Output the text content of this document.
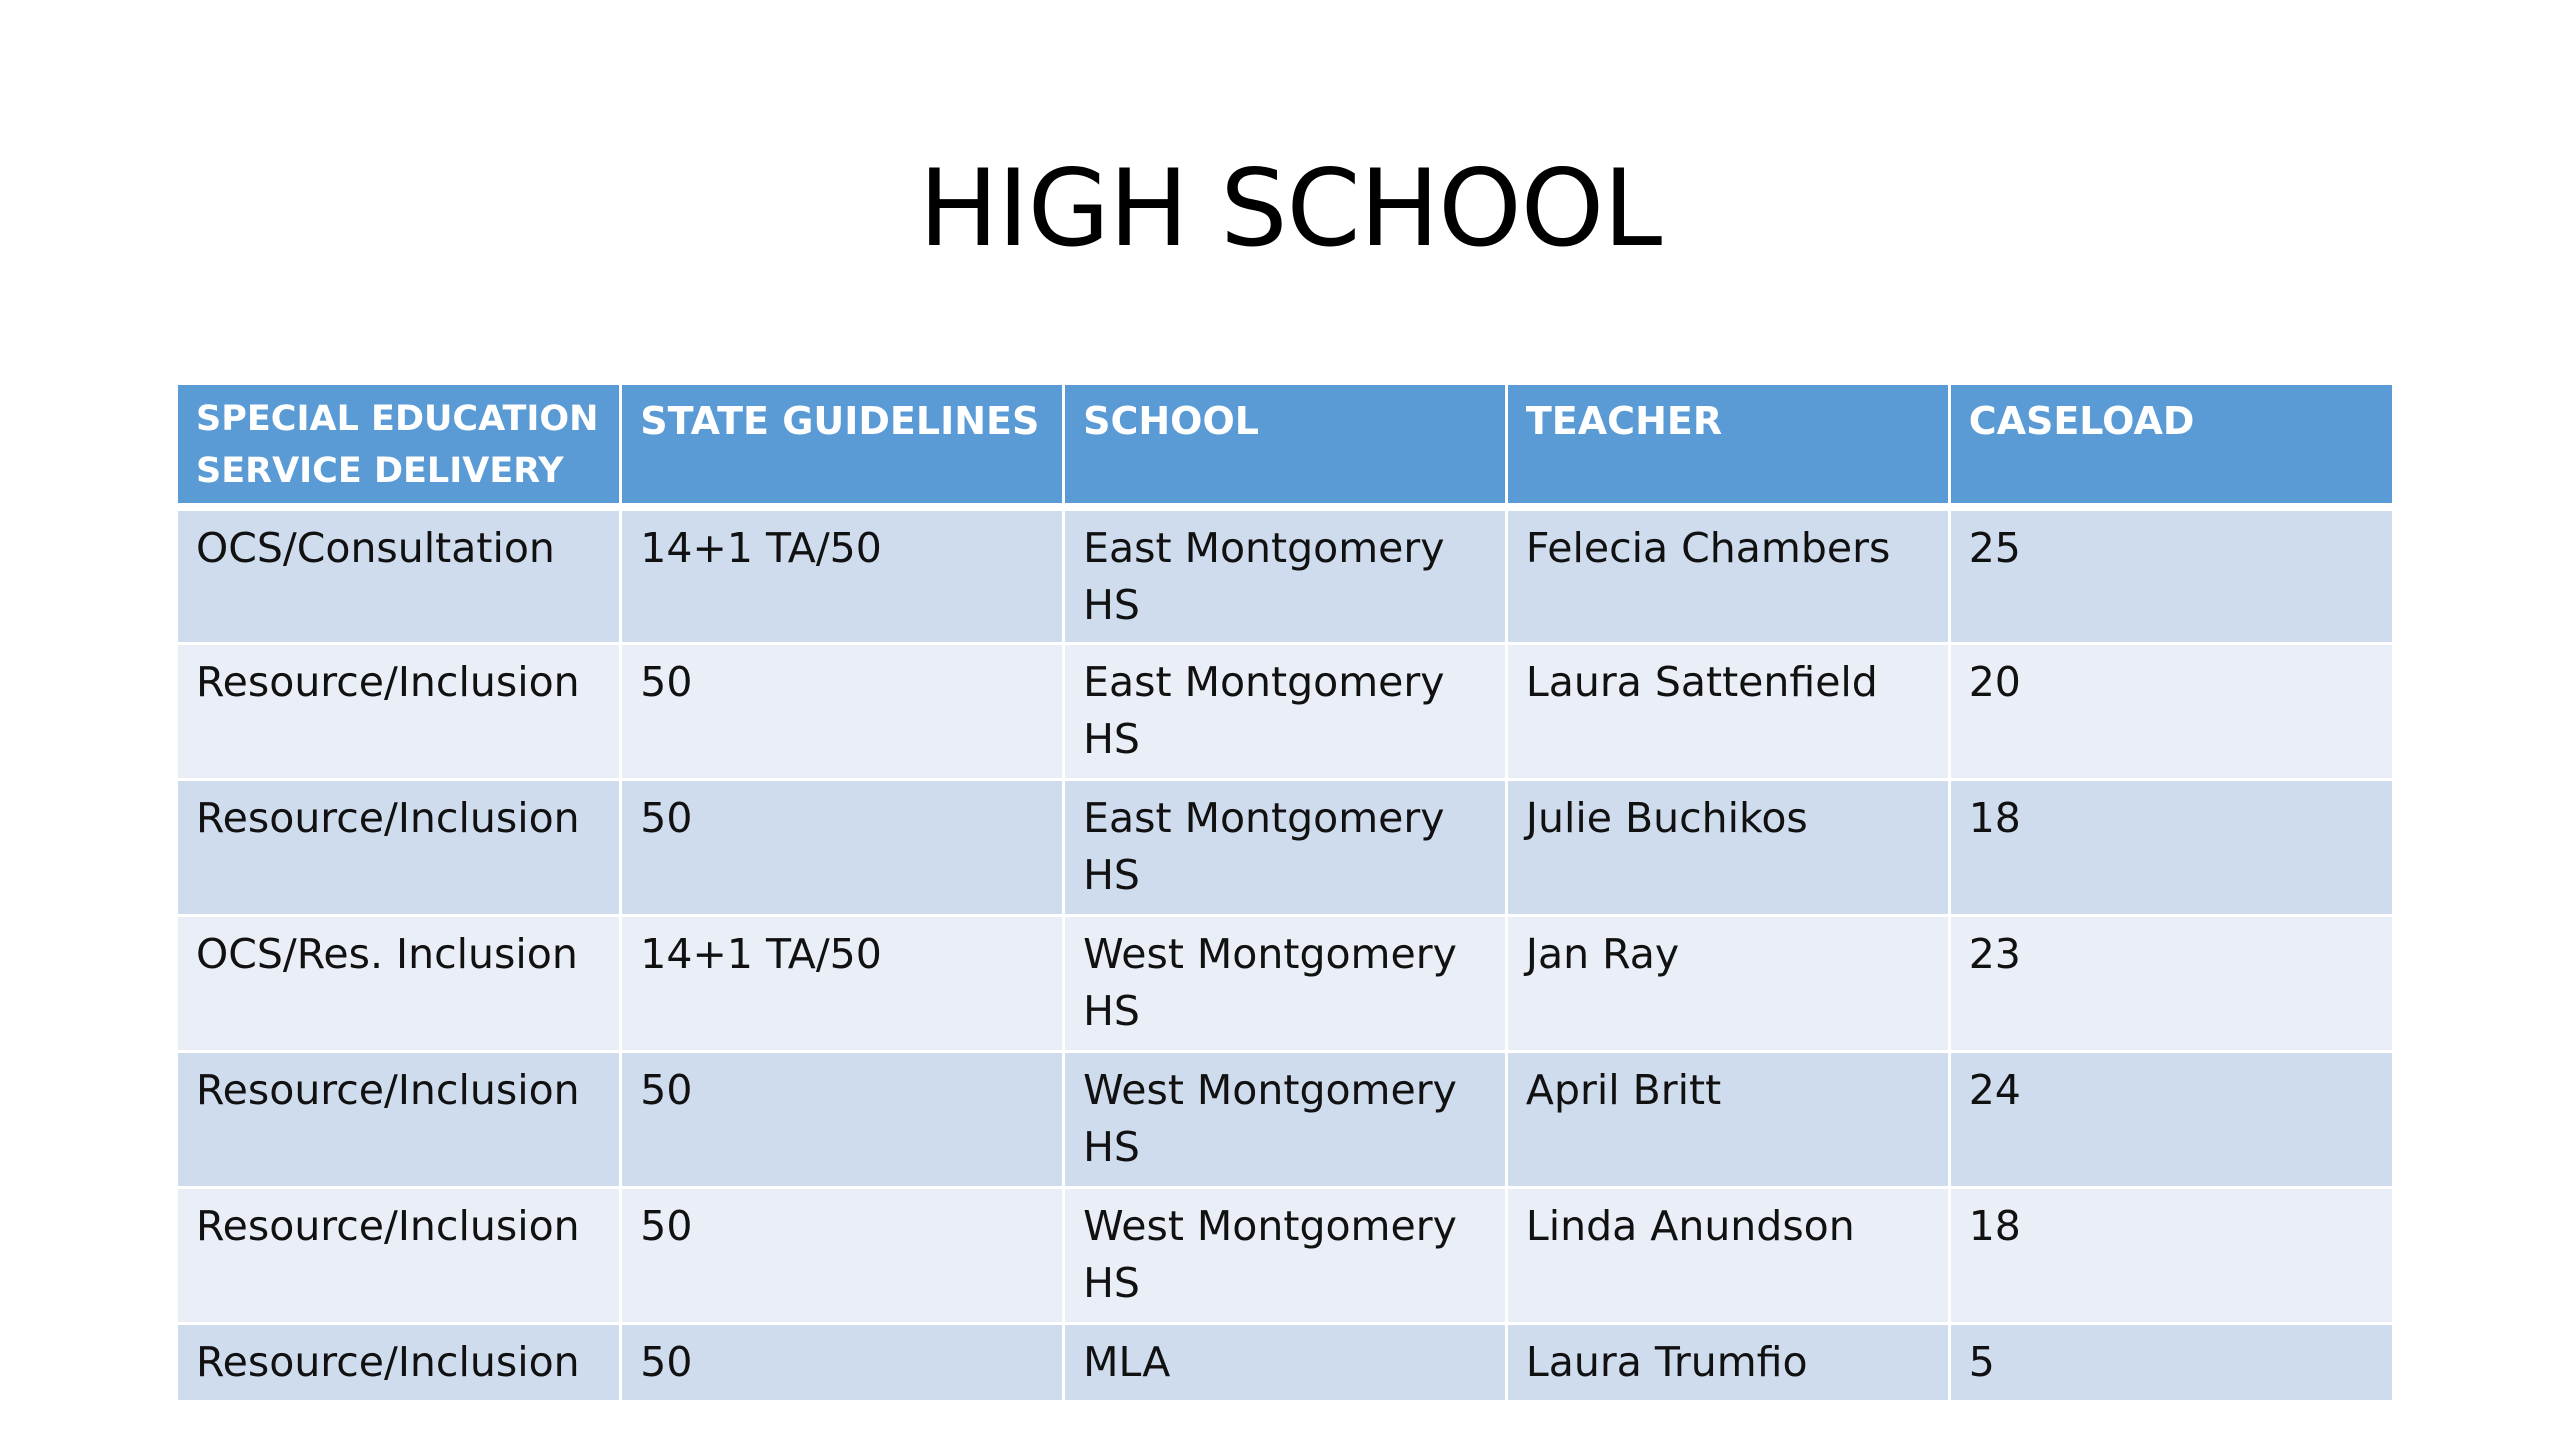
HIGH SCHOOL
SPECIAL EDUCATION SERVICE DELIVERY	STATE GUIDELINES	SCHOOL	TEACHER	CASELOAD
OCS/Consultation	14+1 TA/50	East Montgomery HS	Felecia Chambers	25
Resource/Inclusion	50	East Montgomery HS	Laura Sattenfield	20
Resource/Inclusion	50	East Montgomery HS	Julie Buchikos	18
OCS/Res. Inclusion	14+1 TA/50	West Montgomery HS	Jan Ray	23
Resource/Inclusion	50	West Montgomery HS	April Britt	24
Resource/Inclusion	50	West Montgomery HS	Linda Anundson	18
Resource/Inclusion	50	MLA	Laura Trumfio	5
